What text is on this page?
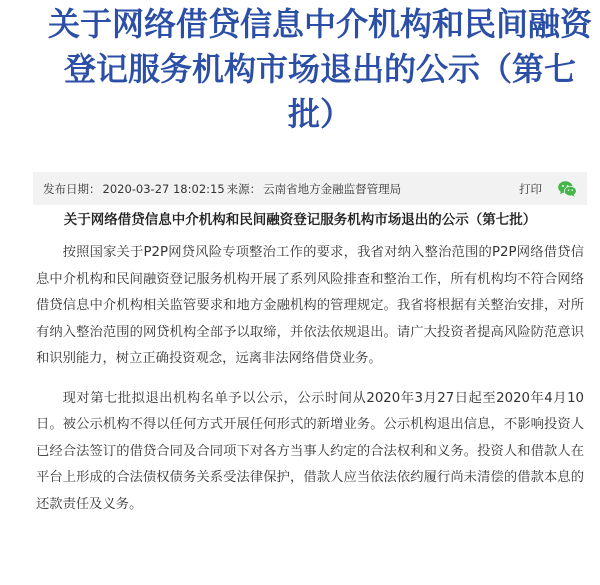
关于网络借贷信息中介机构和民间融资
登记服务机构市场退出的公示（第七
批）
发布日期： 2020-03-27 18:02:15 来源： 云南省地方金融监督管理局	打印
关于网络借贷信息中介机构和民间融资登记服务机构市场退出的公示（第七批）

按照国家关于P2P网贷风险专项整治工作的要求，我省对纳入整治范围的P2P网络借贷信息中介机构和民间融资登记服务机构开展了系列风险排查和整治工作，所有机构均不符合网络借贷信息中介机构相关监管要求和地方金融机构的管理规定。我省将根据有关整治安排，对所有纳入整治范围的网贷机构全部予以取缔，并依法依规退出。请广大投资者提高风险防范意识和识别能力，树立正确投资观念，远离非法网络借贷业务。

现对第七批拟退出机构名单予以公示，公示时间从2020年3月27日起至2020年4月10日。被公示机构不得以任何方式开展任何形式的新增业务。公示机构退出信息，不影响投资人已经合法签订的借贷合同及合同项下对各方当事人约定的合法权利和义务。投资人和借款人在平台上形成的合法债权债务关系受法律保护，借款人应当依法依约履行尚未清偿的借款本息的还款责任及义务。
